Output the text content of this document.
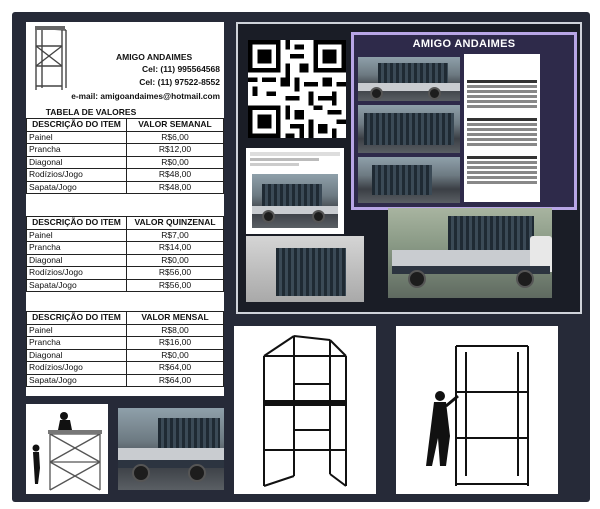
AMIGO ANDAIMES
Cel: (11) 995564568
Cel: (11) 97522-8552
e-mail: amigoandaimes@hotmail.com
TABELA DE VALORES
DESCRIÇÃO DO ITEM	VALOR SEMANAL
Painel	R$6,00
Prancha	R$12,00
Diagonal	R$0,00
Rodízios/Jogo	R$48,00
Sapata/Jogo	R$48,00
DESCRIÇÃO DO ITEM	VALOR QUINZENAL
Painel	R$7,00
Prancha	R$14,00
Diagonal	R$0,00
Rodízios/Jogo	R$56,00
Sapata/Jogo	R$56,00
DESCRIÇÃO DO ITEM	VALOR MENSAL
Painel	R$8,00
Prancha	R$16,00
Diagonal	R$0,00
Rodízios/Jogo	R$64,00
Sapata/Jogo	R$64,00
AMIGO ANDAIMES
